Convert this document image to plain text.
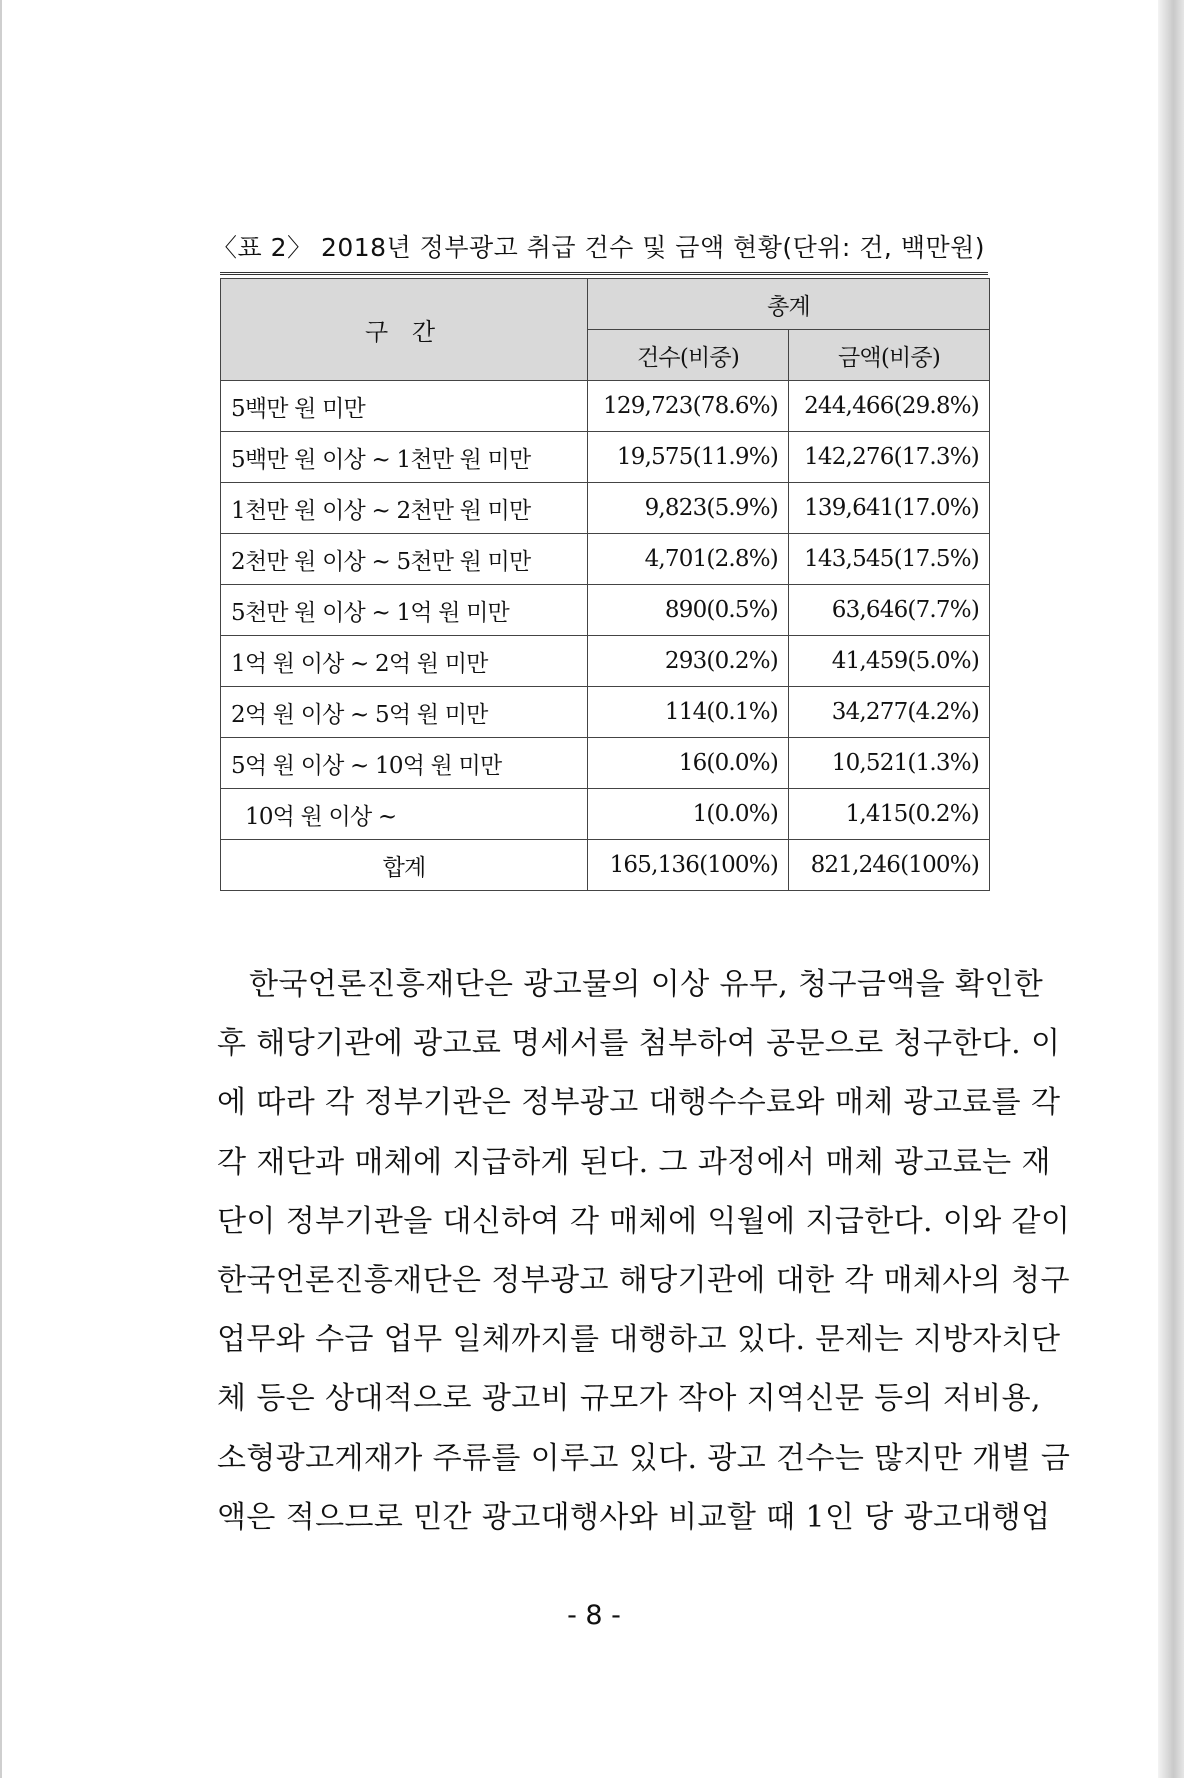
〈표 2〉 2018년 정부광고 취급 건수 및 금액 현황(단위: 건, 백만원)
구 간	총계	
	건수(비중)	금액(비중)
5백만 원 미만	129,723(78.6%)	244,466(29.8%)
5백만 원 이상 ~ 1천만 원 미만	19,575(11.9%)	142,276(17.3%)
1천만 원 이상 ~ 2천만 원 미만	9,823(5.9%)	139,641(17.0%)
2천만 원 이상 ~ 5천만 원 미만	4,701(2.8%)	143,545(17.5%)
5천만 원 이상 ~ 1억 원 미만	890(0.5%)	63,646(7.7%)
1억 원 이상 ~ 2억 원 미만	293(0.2%)	41,459(5.0%)
2억 원 이상 ~ 5억 원 미만	114(0.1%)	34,277(4.2%)
5억 원 이상 ~ 10억 원 미만	16(0.0%)	10,521(1.3%)
10억 원 이상 ~	1(0.0%)	1,415(0.2%)
합계	165,136(100%)	821,246(100%)
한국언론진흥재단은 광고물의 이상 유무, 청구금액을 확인한
후 해당기관에 광고료 명세서를 첨부하여 공문으로 청구한다. 이
에 따라 각 정부기관은 정부광고 대행수수료와 매체 광고료를 각
각 재단과 매체에 지급하게 된다. 그 과정에서 매체 광고료는 재
단이 정부기관을 대신하여 각 매체에 익월에 지급한다. 이와 같이
한국언론진흥재단은 정부광고 해당기관에 대한 각 매체사의 청구
업무와 수금 업무 일체까지를 대행하고 있다. 문제는 지방자치단
체 등은 상대적으로 광고비 규모가 작아 지역신문 등의 저비용,
소형광고게재가 주류를 이루고 있다. 광고 건수는 많지만 개별 금
액은 적으므로 민간 광고대행사와 비교할 때 1인 당 광고대행업
- 8 -
